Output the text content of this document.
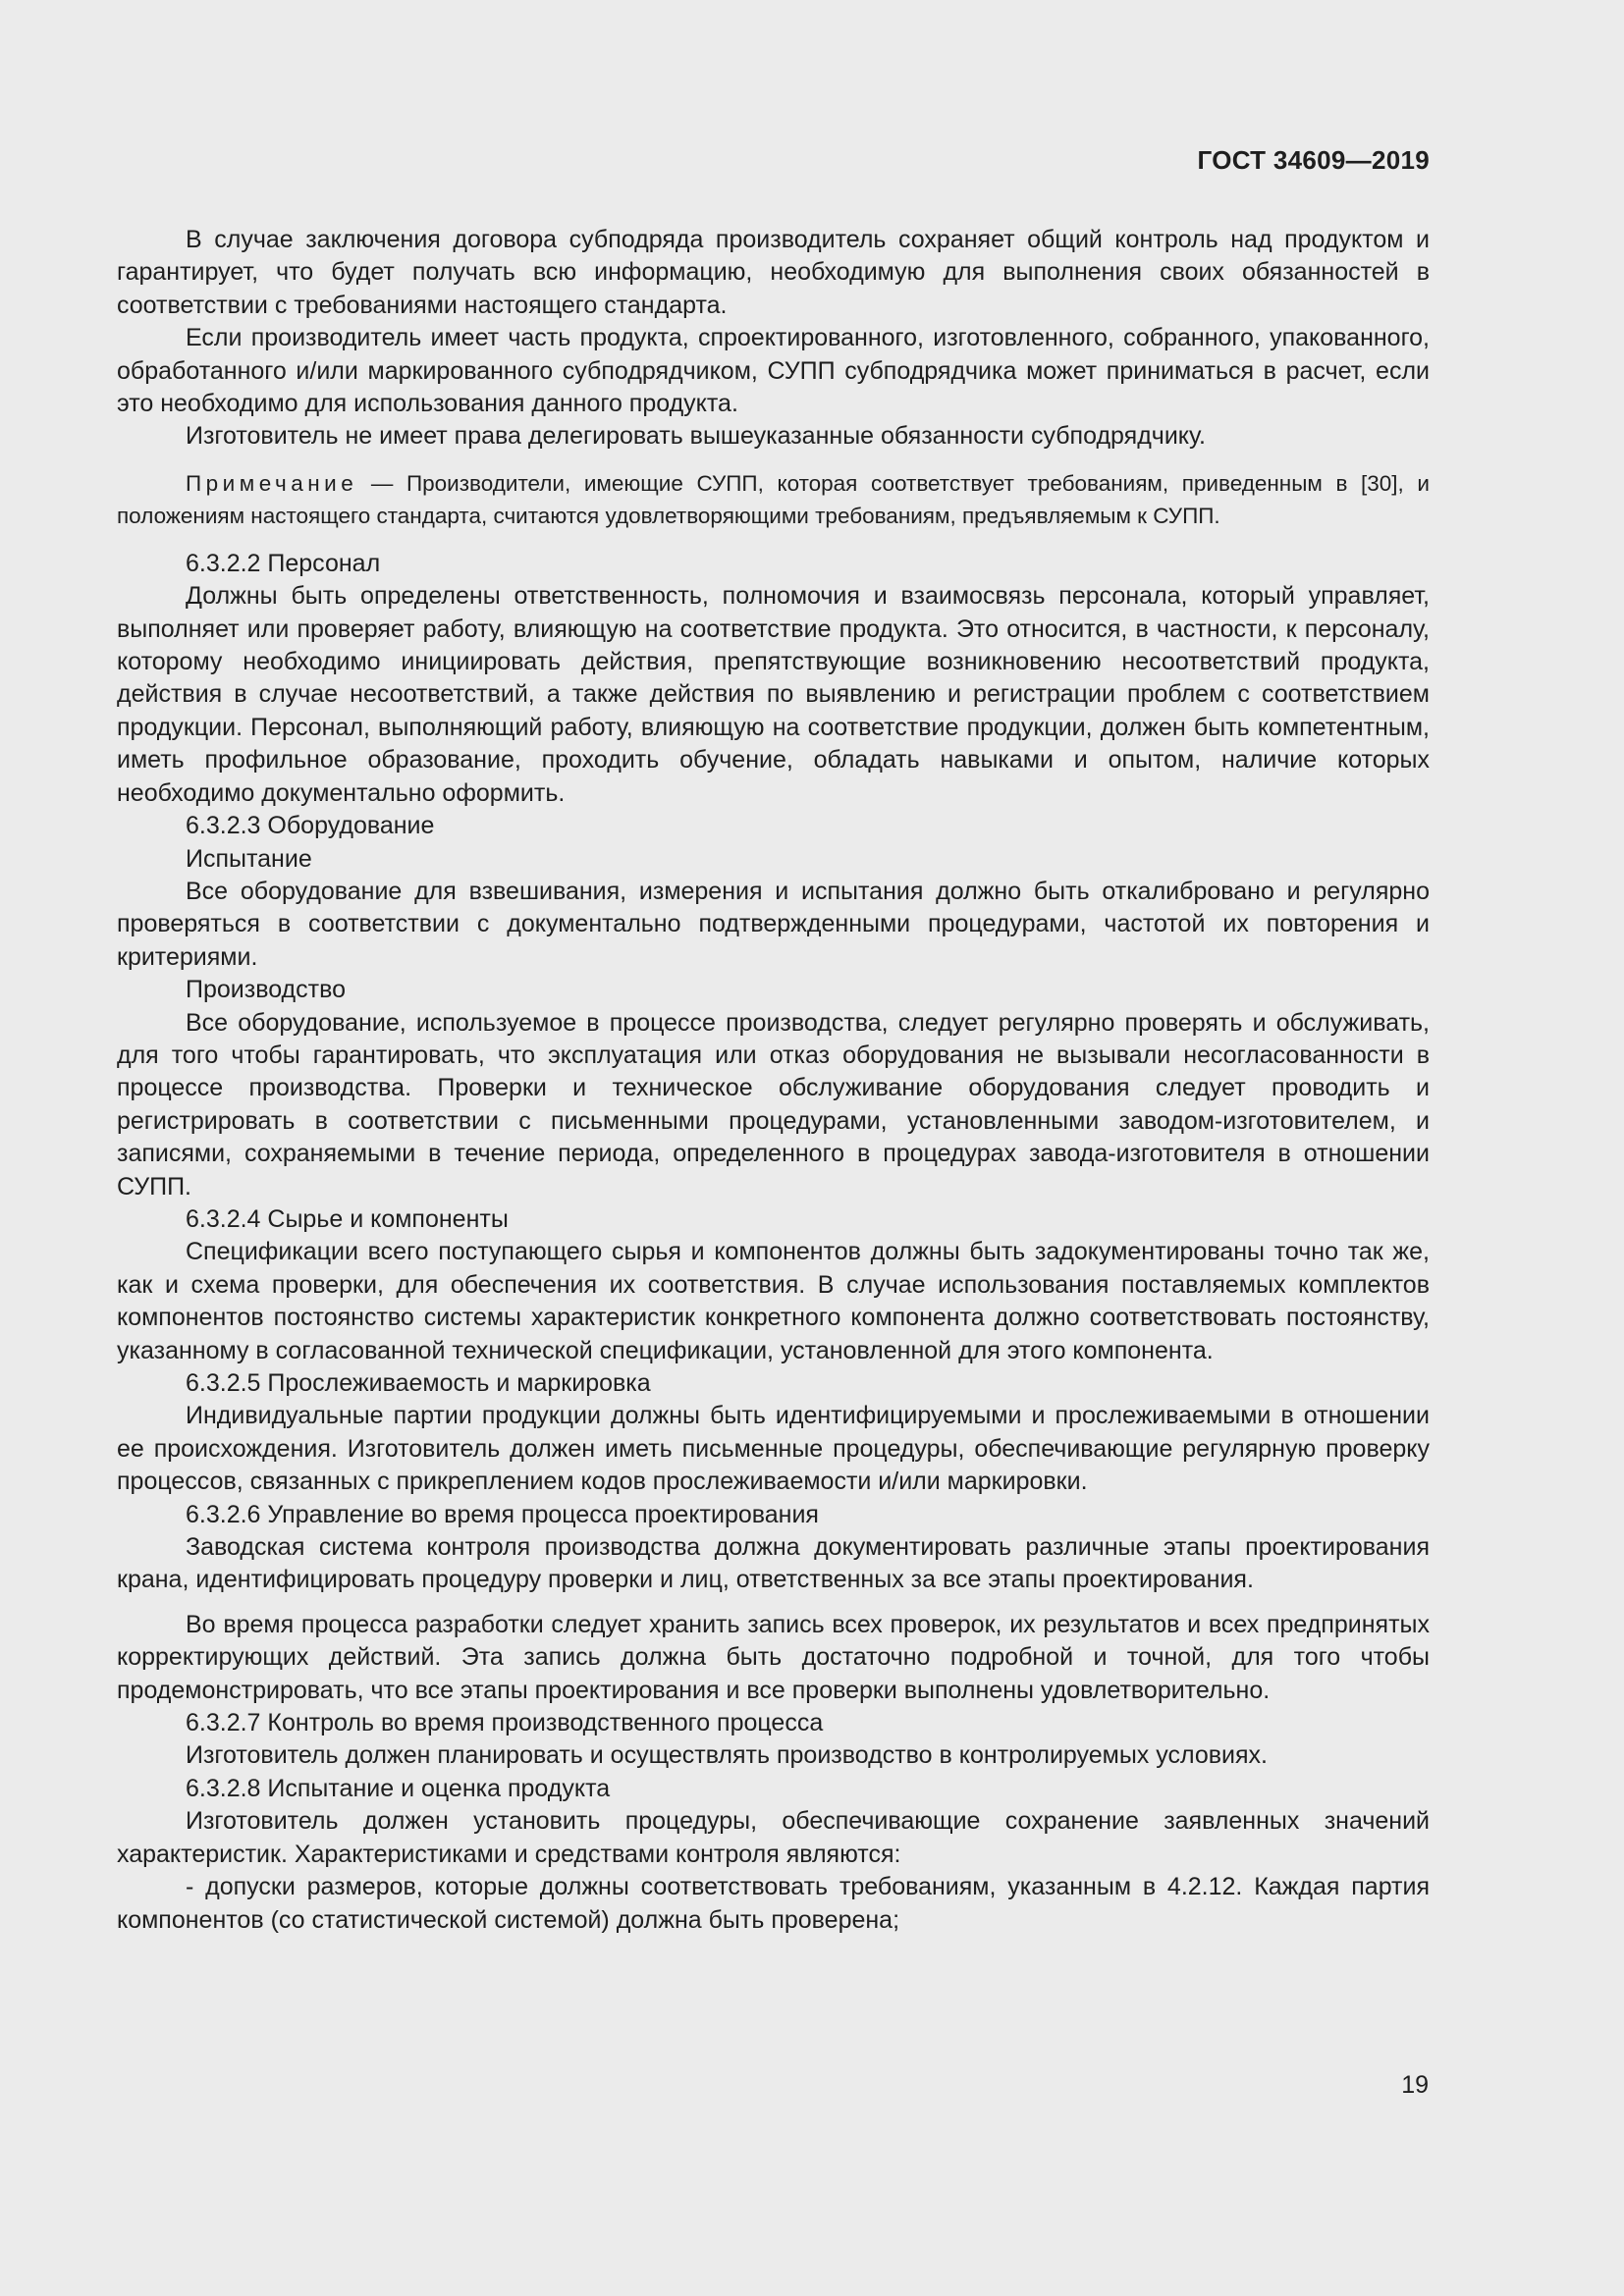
ГОСТ 34609—2019

В случае заключения договора субподряда производитель сохраняет общий контроль над продуктом и гарантирует, что будет получать всю информацию, необходимую для выполнения своих обязанностей в соответствии с требованиями настоящего стандарта.

Если производитель имеет часть продукта, спроектированного, изготовленного, собранного, упакованного, обработанного и/или маркированного субподрядчиком, СУПП субподрядчика может приниматься в расчет, если это необходимо для использования данного продукта.

Изготовитель не имеет права делегировать вышеуказанные обязанности субподрядчику.

Примечание — Производители, имеющие СУПП, которая соответствует требованиям, приведенным в [30], и положениям настоящего стандарта, считаются удовлетворяющими требованиям, предъявляемым к СУПП.

6.3.2.2 Персонал

Должны быть определены ответственность, полномочия и взаимосвязь персонала, который управляет, выполняет или проверяет работу, влияющую на соответствие продукта. Это относится, в частности, к персоналу, которому необходимо инициировать действия, препятствующие возникновению несоответствий продукта, действия в случае несоответствий, а также действия по выявлению и регистрации проблем с соответствием продукции. Персонал, выполняющий работу, влияющую на соответствие продукции, должен быть компетентным, иметь профильное образование, проходить обучение, обладать навыками и опытом, наличие которых необходимо документально оформить.

6.3.2.3 Оборудование

Испытание

Все оборудование для взвешивания, измерения и испытания должно быть откалибровано и регулярно проверяться в соответствии с документально подтвержденными процедурами, частотой их повторения и критериями.

Производство

Все оборудование, используемое в процессе производства, следует регулярно проверять и обслуживать, для того чтобы гарантировать, что эксплуатация или отказ оборудования не вызывали несогласованности в процессе производства. Проверки и техническое обслуживание оборудования следует проводить и регистрировать в соответствии с письменными процедурами, установленными заводом-изготовителем, и записями, сохраняемыми в течение периода, определенного в процедурах завода-изготовителя в отношении СУПП.

6.3.2.4 Сырье и компоненты

Спецификации всего поступающего сырья и компонентов должны быть задокументированы точно так же, как и схема проверки, для обеспечения их соответствия. В случае использования поставляемых комплектов компонентов постоянство системы характеристик конкретного компонента должно соответствовать постоянству, указанному в согласованной технической спецификации, установленной для этого компонента.

6.3.2.5 Прослеживаемость и маркировка

Индивидуальные партии продукции должны быть идентифицируемыми и прослеживаемыми в отношении ее происхождения. Изготовитель должен иметь письменные процедуры, обеспечивающие регулярную проверку процессов, связанных с прикреплением кодов прослеживаемости и/или маркировки.

6.3.2.6 Управление во время процесса проектирования

Заводская система контроля производства должна документировать различные этапы проектирования крана, идентифицировать процедуру проверки и лиц, ответственных за все этапы проектирования.

Во время процесса разработки следует хранить запись всех проверок, их результатов и всех предпринятых корректирующих действий. Эта запись должна быть достаточно подробной и точной, для того чтобы продемонстрировать, что все этапы проектирования и все проверки выполнены удовлетворительно.

6.3.2.7 Контроль во время производственного процесса

Изготовитель должен планировать и осуществлять производство в контролируемых условиях.

6.3.2.8 Испытание и оценка продукта

Изготовитель должен установить процедуры, обеспечивающие сохранение заявленных значений характеристик. Характеристиками и средствами контроля являются:

- допуски размеров, которые должны соответствовать требованиям, указанным в 4.2.12. Каждая партия компонентов (со статистической системой) должна быть проверена;

19
